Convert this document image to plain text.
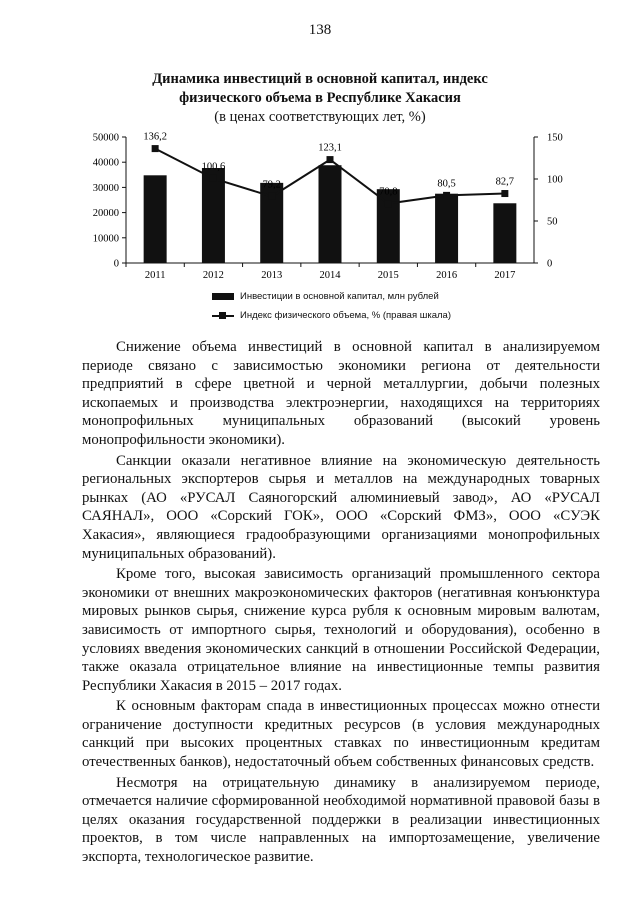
138
Динамика инвестиций в основной капитал, индекс
физического объема в Республике Хакасия
(в ценах соответствующих лет, %)
0
10000
20000
30000
40000
50000
0
50
100
150
2011	2012	2013	2014	2015	2016	2017
136,2
100,6
79,2
123,1
70,8
80,5	82,7
Инвестиции в основной капитал, млн рублей
Индекс физического объема, % (правая шкала)

Снижение объема инвестиций в основной капитал в анализируемом периоде связано с зависимостью экономики региона от деятельности предприятий в сфере цветной и черной металлургии, добычи полезных ископаемых и производства электроэнергии, находящихся на территориях монопрофильных муниципальных образований (высокий уровень монопрофильности экономики).

Санкции оказали негативное влияние на экономическую деятельность региональных экспортеров сырья и металлов на международных товарных рынках (АО «РУСАЛ Саяногорский алюминиевый завод», АО «РУСАЛ САЯНАЛ», ООО «Сорский ГОК», ООО «Сорский ФМЗ», ООО «СУЭК Хакасия», являющиеся градообразующими организациями монопрофильных муниципальных образований).

Кроме того, высокая зависимость организаций промышленного сектора экономики от внешних макроэкономических факторов (негативная конъюнктура мировых рынков сырья, снижение курса рубля к основным мировым валютам, зависимость от импортного сырья, технологий и оборудования), особенно в условиях введения экономических санкций в отношении Российской Федерации, также оказала отрицательное влияние на инвестиционные темпы развития Республики Хакасия в 2015 – 2017 годах.

К основным факторам спада в инвестиционных процессах можно отнести ограничение доступности кредитных ресурсов (в условия международных санкций при высоких процентных ставках по инвестиционным кредитам отечественных банков), недостаточный объем собственных финансовых средств.

Несмотря на отрицательную динамику в анализируемом периоде, отмечается наличие сформированной необходимой нормативной правовой базы в целях оказания государственной поддержки в реализации инвестиционных проектов, в том числе направленных на импортозамещение, увеличение экспорта, технологическое развитие.
